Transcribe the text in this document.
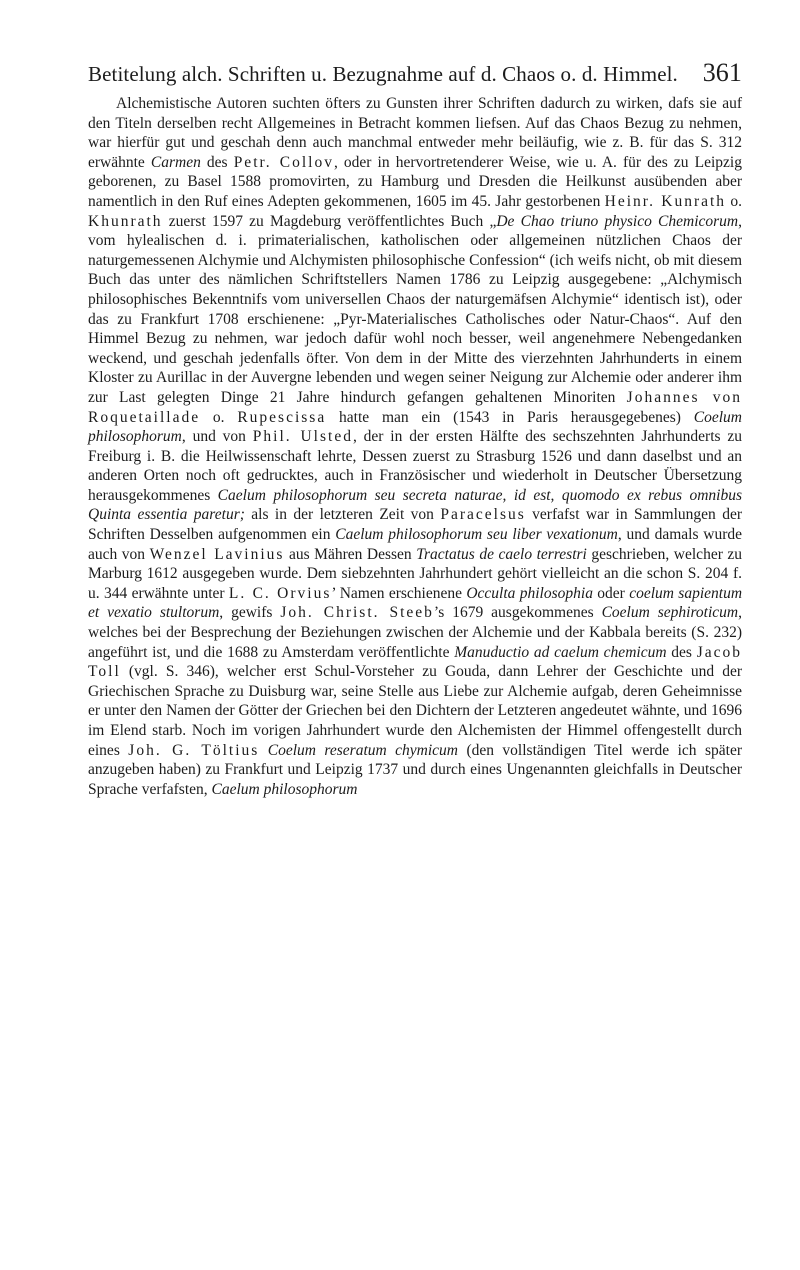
Betitelung alch. Schriften u. Bezugnahme auf d. Chaos o. d. Himmel. 361

Alchemistische Autoren suchten öfters zu Gunsten ihrer Schriften dadurch zu wirken, dafs sie auf den Titeln derselben recht Allgemeines in Betracht kommen liefsen. Auf das Chaos Bezug zu nehmen, war hierfür gut und geschah denn auch manchmal entweder mehr beiläufig, wie z. B. für das S. 312 erwähnte Carmen des Petr. Collov, oder in hervortretenderer Weise, wie u. A. für des zu Leipzig geborenen, zu Basel 1588 promovirten, zu Hamburg und Dresden die Heilkunst ausübenden aber namentlich in den Ruf eines Adepten gekommenen, 1605 im 45. Jahr gestorbenen Heinr. Kunrath o. Khunrath zuerst 1597 zu Magdeburg veröffentlichtes Buch „De Chao triuno physico Chemicorum, vom hylealischen d. i. primaterialischen, katholischen oder allgemeinen nützlichen Chaos der naturgemessenen Alchymie und Alchymisten philosophische Confession“ (ich weifs nicht, ob mit diesem Buch das unter des nämlichen Schriftstellers Namen 1786 zu Leipzig ausgegebene: „Alchymisch philosophisches Bekenntnifs vom universellen Chaos der naturgemäfsen Alchymie“ identisch ist), oder das zu Frankfurt 1708 erschienene: „Pyr-Materialisches Catholisches oder Natur-Chaos“. Auf den Himmel Bezug zu nehmen, war jedoch dafür wohl noch besser, weil angenehmere Nebengedanken weckend, und geschah jedenfalls öfter. Von dem in der Mitte des vierzehnten Jahrhunderts in einem Kloster zu Aurillac in der Auvergne lebenden und wegen seiner Neigung zur Alchemie oder anderer ihm zur Last gelegten Dinge 21 Jahre hindurch gefangen gehaltenen Minoriten Johannes von Roquetaillade o. Rupescissa hatte man ein (1543 in Paris herausgegebenes) Coelum philosophorum, und von Phil. Ulsted, der in der ersten Hälfte des sechszehnten Jahrhunderts zu Freiburg i. B. die Heilwissenschaft lehrte, Dessen zuerst zu Strasburg 1526 und dann daselbst und an anderen Orten noch oft gedrucktes, auch in Französischer und wiederholt in Deutscher Übersetzung herausgekommenes Caelum philosophorum seu secreta naturae, id est, quomodo ex rebus omnibus Quinta essentia paretur; als in der letzteren Zeit von Paracelsus verfafst war in Sammlungen der Schriften Desselben aufgenommen ein Caelum philosophorum seu liber vexationum, und damals wurde auch von Wenzel Lavinius aus Mähren Dessen Tractatus de caelo terrestri geschrieben, welcher zu Marburg 1612 ausgegeben wurde. Dem siebzehnten Jahrhundert gehört vielleicht an die schon S. 204 f. u. 344 erwähnte unter L. C. Orvius’ Namen erschienene Occulta philosophia oder coelum sapientum et vexatio stultorum, gewifs Joh. Christ. Steeb’s 1679 ausgekommenes Coelum sephiroticum, welches bei der Besprechung der Beziehungen zwischen der Alchemie und der Kabbala bereits (S. 232) angeführt ist, und die 1688 zu Amsterdam veröffentlichte Manuductio ad caelum chemicum des Jacob Toll (vgl. S. 346), welcher erst Schul-Vorsteher zu Gouda, dann Lehrer der Geschichte und der Griechischen Sprache zu Duisburg war, seine Stelle aus Liebe zur Alchemie aufgab, deren Geheimnisse er unter den Namen der Götter der Griechen bei den Dichtern der Letzteren angedeutet wähnte, und 1696 im Elend starb. Noch im vorigen Jahrhundert wurde den Alchemisten der Himmel offengestellt durch eines Joh. G. Töltius Coelum reseratum chymicum (den vollständigen Titel werde ich später anzugeben haben) zu Frankfurt und Leipzig 1737 und durch eines Ungenannten gleichfalls in Deutscher Sprache verfafsten, Caelum philosophorum
